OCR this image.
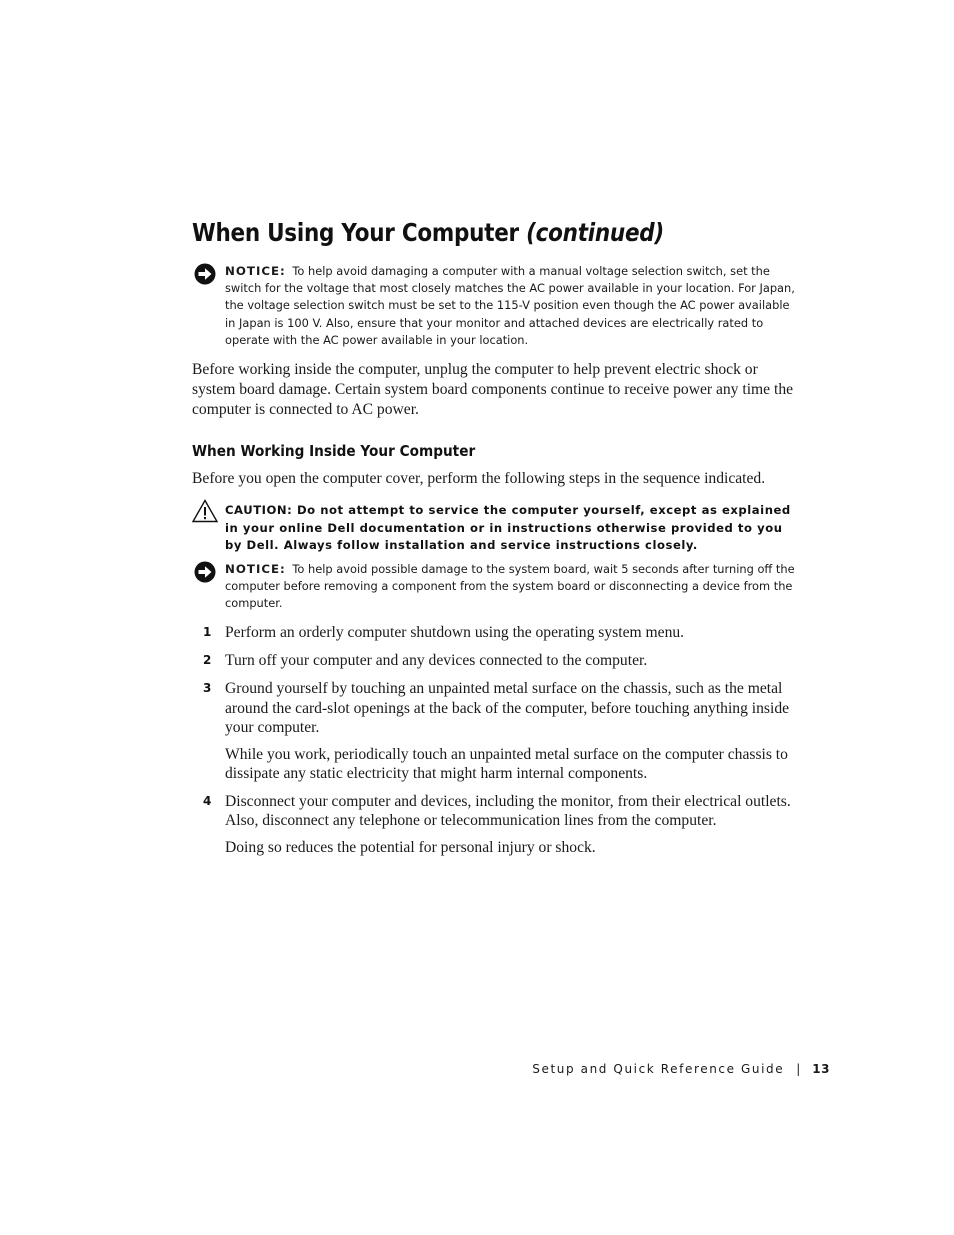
When Using Your Computer (continued)
NOTICE: To help avoid damaging a computer with a manual voltage selection switch, set the switch for the voltage that most closely matches the AC power available in your location. For Japan, the voltage selection switch must be set to the 115-V position even though the AC power available in Japan is 100 V. Also, ensure that your monitor and attached devices are electrically rated to operate with the AC power available in your location.

Before working inside the computer, unplug the computer to help prevent electric shock or system board damage. Certain system board components continue to receive power any time the computer is connected to AC power.

When Working Inside Your Computer

Before you open the computer cover, perform the following steps in the sequence indicated.

CAUTION: Do not attempt to service the computer yourself, except as explained in your online Dell documentation or in instructions otherwise provided to you by Dell. Always follow installation and service instructions closely.
NOTICE: To help avoid possible damage to the system board, wait 5 seconds after turning off the computer before removing a component from the system board or disconnecting a device from the computer.
1 Perform an orderly computer shutdown using the operating system menu.

2 Turn off your computer and any devices connected to the computer.

3 Ground yourself by touching an unpainted metal surface on the chassis, such as the metal around the card-slot openings at the back of the computer, before touching anything inside your computer.

While you work, periodically touch an unpainted metal surface on the computer chassis to dissipate any static electricity that might harm internal components.

4 Disconnect your computer and devices, including the monitor, from their electrical outlets. Also, disconnect any telephone or telecommunication lines from the computer.

Doing so reduces the potential for personal injury or shock.

Setup and Quick Reference Guide | 13
